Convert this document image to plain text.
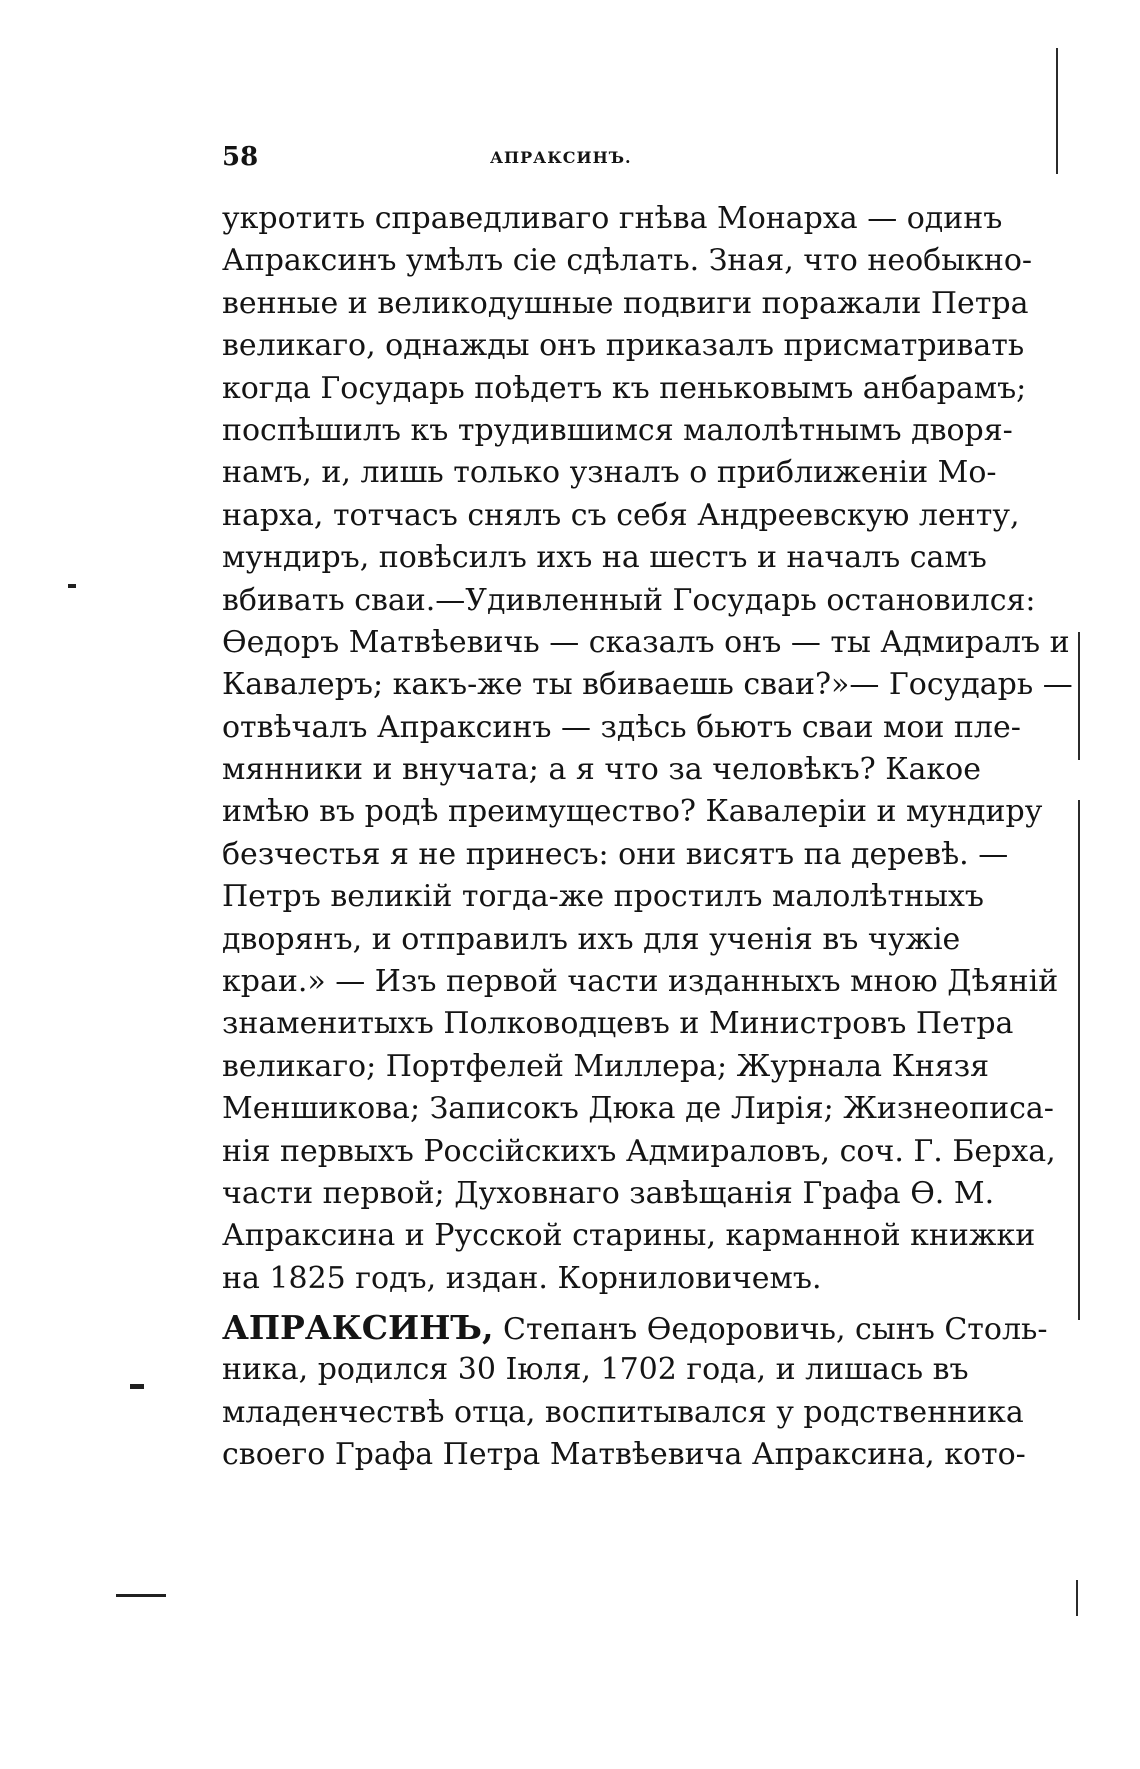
58	АПРАКСИНЪ.
укротить справедливаго гнѣва Монарха — одинъ
Апраксинъ умѣлъ сіе сдѣлать. Зная, что необыкно-
венные и великодушные подвиги поражали Петра
великаго, однажды онъ приказалъ присматривать
когда Государь поѣдетъ къ пеньковымъ анбарамъ;
поспѣшилъ къ трудившимся малолѣтнымъ дворя-
намъ, и, лишь только узналъ о приближеніи Мо-
нарха, тотчасъ снялъ съ себя Андреевскую ленту,
мундиръ, повѣсилъ ихъ на шестъ и началъ самъ
вбивать сваи.—Удивленный Государь остановился:
Ѳедоръ Матвѣевичь — сказалъ онъ — ты Адмиралъ и
Кавалеръ; какъ-же ты вбиваешь сваи?»— Государь —
отвѣчалъ Апраксинъ — здѣсь бьютъ сваи мои пле-
мянники и внучата; а я что за человѣкъ? Какое
имѣю въ родѣ преимущество? Кавалеріи и мундиру
безчестья я не принесъ: они висятъ па деревѣ. —
Петръ великій тогда-же простилъ малолѣтныхъ
дворянъ, и отправилъ ихъ для ученія въ чужіе
краи.» — Изъ первой части изданныхъ мною Дѣяній
знаменитыхъ Полководцевъ и Министровъ Петра
великаго; Портфелей Миллера; Журнала Князя
Меншикова; Записокъ Дюка де Лирія; Жизнеописа-
нія первыхъ Россійскихъ Адмираловъ, соч. Г. Берха,
части первой; Духовнаго завѣщанія Графа Ѳ. М.
Апраксина и Русской старины, карманной книжки
на 1825 годъ, издан. Корниловичемъ.
АПРАКСИНЪ, Степанъ Ѳедоровичь, сынъ Столь-
ника, родился 30 Іюля, 1702 года, и лишась въ
младенчествѣ отца, воспитывался у родственника
своего Графа Петра Матвѣевича Апраксина, кото-
